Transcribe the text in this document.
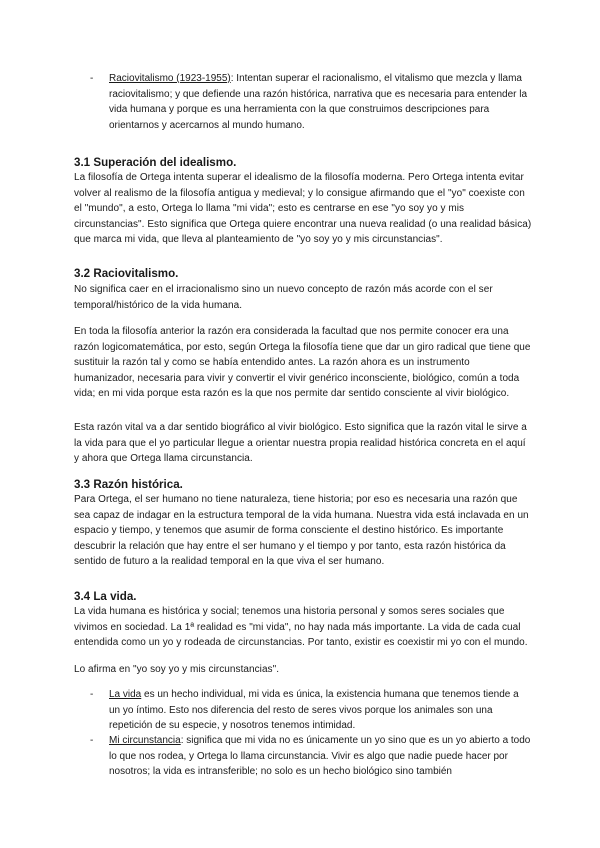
- Raciovitalismo (1923-1955): Intentan superar el racionalismo, el vitalismo que mezcla y llama raciovitalismo; y que defiende una razón histórica, narrativa que es necesaria para entender la vida humana y porque es una herramienta con la que construimos descripciones para orientarnos y acercarnos al mundo humano.
3.1 Superación del idealismo.

La filosofía de Ortega intenta superar el idealismo de la filosofía moderna. Pero Ortega intenta evitar volver al realismo de la filosofía antigua y medieval; y lo consigue afirmando que el "yo" coexiste con el "mundo", a esto, Ortega lo llama "mi vida"; esto es centrarse en ese "yo soy yo y mis circunstancias". Esto significa que Ortega quiere encontrar una nueva realidad (o una realidad básica) que marca mi vida, que lleva al planteamiento de "yo soy yo y mis circunstancias".

3.2 Raciovitalismo.

No significa caer en el irracionalismo sino un nuevo concepto de razón más acorde con el ser temporal/histórico de la vida humana.

En toda la filosofía anterior la razón era considerada la facultad que nos permite conocer era una razón logicomatemática, por esto, según Ortega la filosofía tiene que dar un giro radical que tiene que sustituir la razón tal y como se había entendido antes. La razón ahora es un instrumento humanizador, necesaria para vivir y convertir el vivir genérico inconsciente, biológico, común a toda vida; en mi vida porque esta razón es la que nos permite dar sentido consciente al vivir biológico.

Esta razón vital va a dar sentido biográfico al vivir biológico. Esto significa que la razón vital le sirve a la vida para que el yo particular llegue a orientar nuestra propia realidad histórica concreta en el aquí y ahora que Ortega llama circunstancia.

3.3 Razón histórica.

Para Ortega, el ser humano no tiene naturaleza, tiene historia; por eso es necesaria una razón que sea capaz de indagar en la estructura temporal de la vida humana. Nuestra vida está inclavada en un espacio y tiempo, y tenemos que asumir de forma consciente el destino histórico. Es importante descubrir la relación que hay entre el ser humano y el tiempo y por tanto, esta razón histórica da sentido de futuro a la realidad temporal en la que viva el ser humano.

3.4 La vida.

La vida humana es histórica y social; tenemos una historia personal y somos seres sociales que vivimos en sociedad. La 1ª realidad es "mi vida", no hay nada más importante. La vida de cada cual entendida como un yo y rodeada de circunstancias. Por tanto, existir es coexistir mi yo con el mundo.

Lo afirma en "yo soy yo y mis circunstancias".

- La vida es un hecho individual, mi vida es única, la existencia humana que tenemos tiende a un yo íntimo. Esto nos diferencia del resto de seres vivos porque los animales son una repetición de su especie, y nosotros tenemos intimidad.
- Mi circunstancia: significa que mi vida no es únicamente un yo sino que es un yo abierto a todo lo que nos rodea, y Ortega lo llama circunstancia. Vivir es algo que nadie puede hacer por nosotros; la vida es intransferible; no solo es un hecho biológico sino también
